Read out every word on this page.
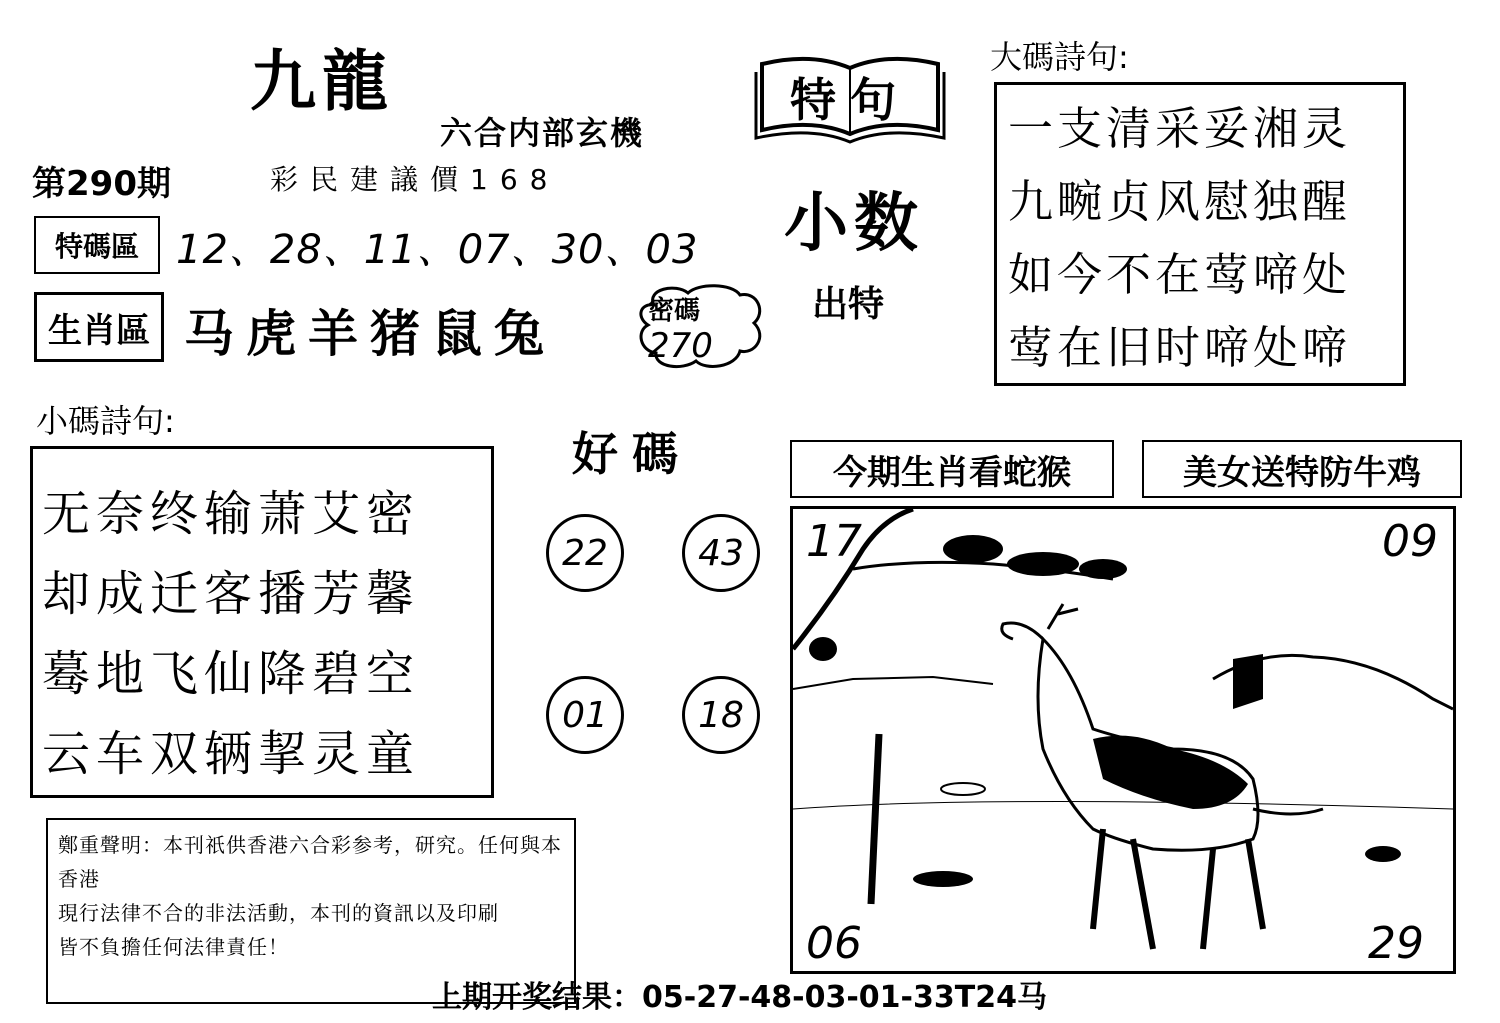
九龍
六合内部玄機
第290期	彩民建議價168
特碼區 12、28、11、07、30、03
生肖區 马虎羊猪鼠兔	密碼
270
特句
小数
出特
大碼詩句:
一支清采妥湘灵
九畹贞风慰独醒
如今不在莺啼处
莺在旧时啼处啼
小碼詩句:
无奈终输萧艾密
却成迁客播芳馨
蓦地飞仙降碧空
云车双辆挈灵童
好碼
22	43
01	18
今期生肖看蛇猴	美女送特防牛鸡
17	09
06	29
鄭重聲明：本刊祇供香港六合彩参考，研究。任何與本香港
現行法律不合的非法活動，本刊的資訊以及印刷
皆不負擔任何法律責任！
上期开奖结果：05-27-48-03-01-33T24马
